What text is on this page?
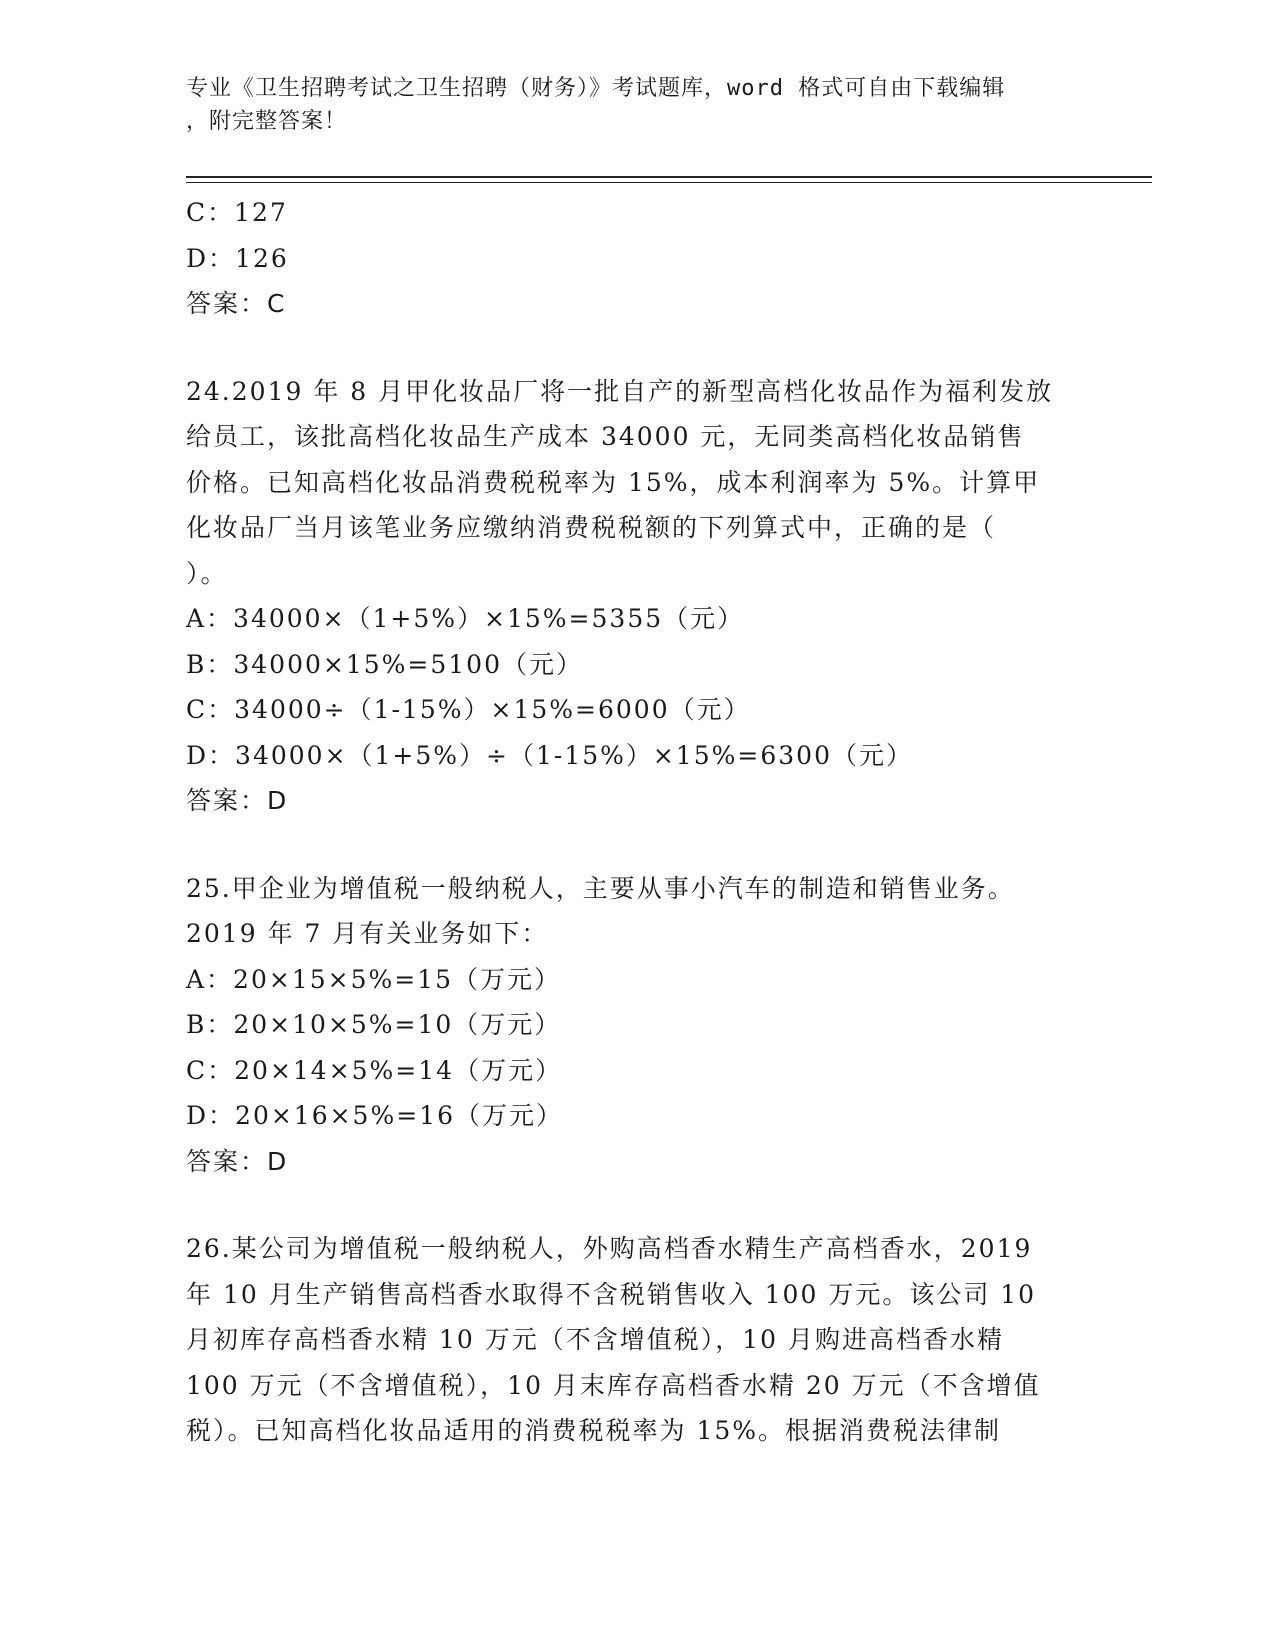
专业《卫生招聘考试之卫生招聘（财务）》考试题库，word 格式可自由下载编辑
，附完整答案！
C：127
D：126
答案：C
24.2019 年 8 月甲化妆品厂将一批自产的新型高档化妆品作为福利发放
给员工，该批高档化妆品生产成本 34000 元，无同类高档化妆品销售
价格。已知高档化妆品消费税税率为 15%，成本利润率为 5%。计算甲
化妆品厂当月该笔业务应缴纳消费税税额的下列算式中，正确的是（
）。
A：34000×（1+5%）×15%=5355（元）
B：34000×15%=5100（元）
C：34000÷（1-15%）×15%=6000（元）
D：34000×（1+5%）÷（1-15%）×15%=6300（元）
答案：D
25.甲企业为增值税一般纳税人，主要从事小汽车的制造和销售业务。
2019 年 7 月有关业务如下：
A：20×15×5%=15（万元）
B：20×10×5%=10（万元）
C：20×14×5%=14（万元）
D：20×16×5%=16（万元）
答案：D
26.某公司为增值税一般纳税人，外购高档香水精生产高档香水，2019
年 10 月生产销售高档香水取得不含税销售收入 100 万元。该公司 10
月初库存高档香水精 10 万元（不含增值税），10 月购进高档香水精
100 万元（不含增值税），10 月末库存高档香水精 20 万元（不含增值
税）。已知高档化妆品适用的消费税税率为 15%。根据消费税法律制
